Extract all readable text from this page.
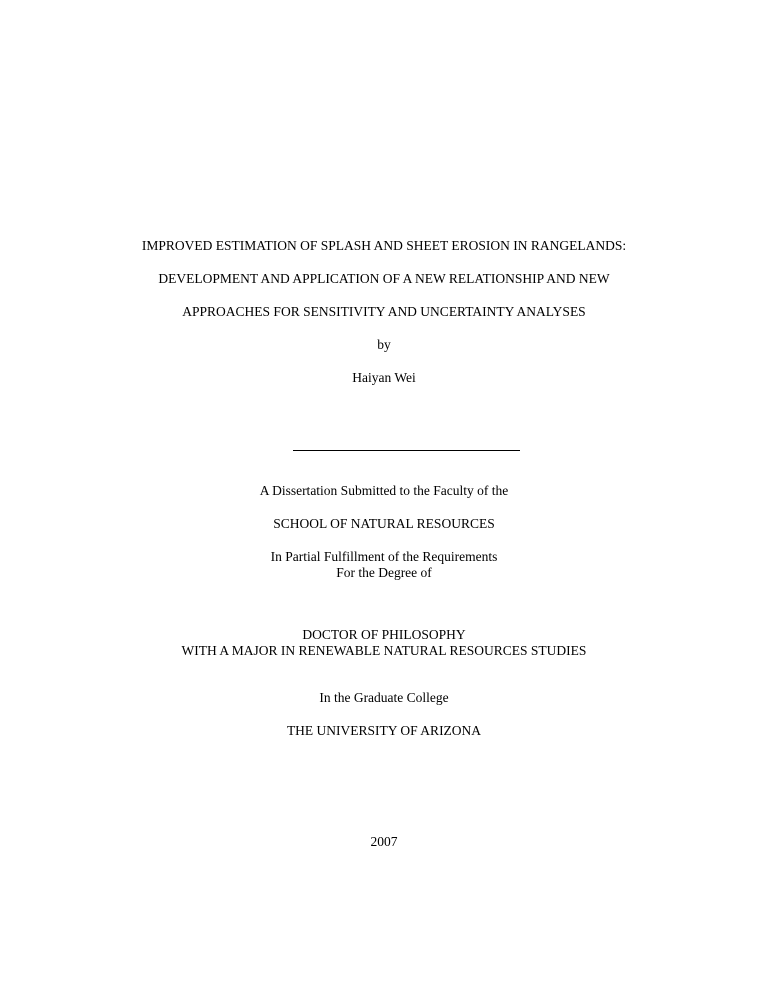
IMPROVED ESTIMATION OF SPLASH AND SHEET EROSION IN RANGELANDS:
DEVELOPMENT AND APPLICATION OF A NEW RELATIONSHIP AND NEW
APPROACHES FOR SENSITIVITY AND UNCERTAINTY ANALYSES
by
Haiyan Wei
A Dissertation Submitted to the Faculty of the
SCHOOL OF NATURAL RESOURCES
In Partial Fulfillment of the Requirements
For the Degree of
DOCTOR OF PHILOSOPHY
WITH A MAJOR IN RENEWABLE NATURAL RESOURCES STUDIES
In the Graduate College
THE UNIVERSITY OF ARIZONA
2007
